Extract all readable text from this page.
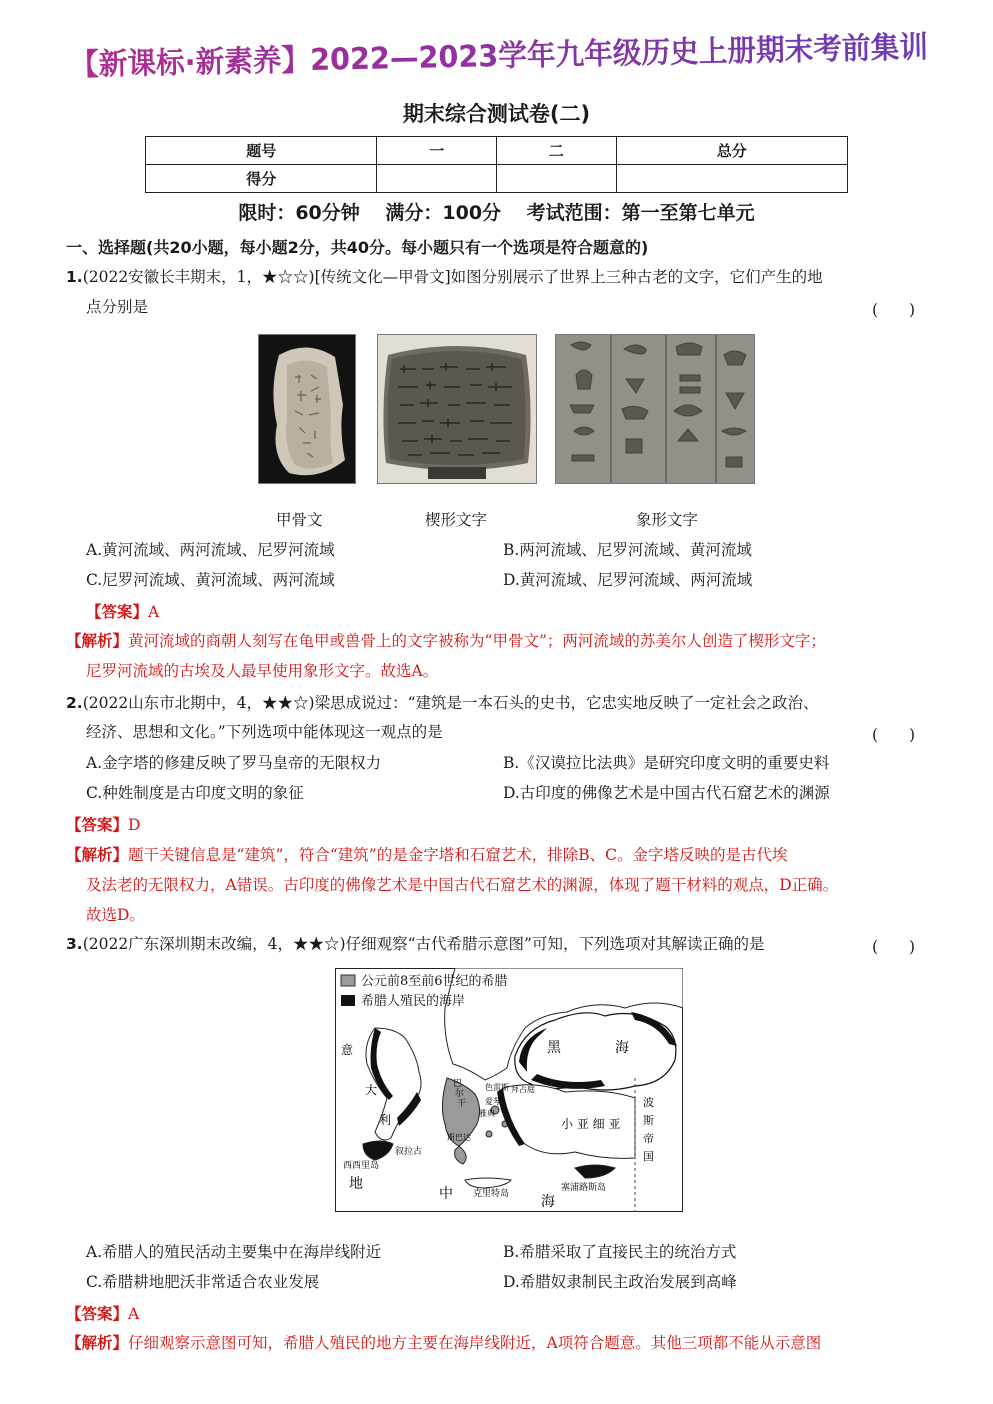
【新课标·新素养】2022—2023学年九年级历史上册期末考前集训
期末综合测试卷(二)
题号	一	二	总分
得分			
限时：60分钟　 满分：100分　 考试范围：第一至第七单元
一、选择题(共20小题，每小题2分，共40分。每小题只有一个选项是符合题意的)
1.(2022安徽长丰期末，1，★☆☆)[传统文化—甲骨文]如图分别展示了世界上三种古老的文字，它们产生的地
点分别是	(　　)
甲骨文	楔形文字	象形文字
A.黄河流域、两河流域、尼罗河流域	B.两河流域、尼罗河流域、黄河流域
C.尼罗河流域、黄河流域、两河流域	D.黄河流域、尼罗河流域、两河流域
【答案】A
【解析】黄河流域的商朝人刻写在龟甲或兽骨上的文字被称为“甲骨文”；两河流域的苏美尔人创造了楔形文字；
尼罗河流域的古埃及人最早使用象形文字。故选A。
2.(2022山东市北期中，4，★★☆)梁思成说过：“建筑是一本石头的史书，它忠实地反映了一定社会之政治、
经济、思想和文化。”下列选项中能体现这一观点的是	(　　)
A.金字塔的修建反映了罗马皇帝的无限权力	B.《汉谟拉比法典》是研究印度文明的重要史料
C.种姓制度是古印度文明的象征	D.古印度的佛像艺术是中国古代石窟艺术的渊源
【答案】D
【解析】题干关键信息是“建筑”，符合“建筑”的是金字塔和石窟艺术，排除B、C。金字塔反映的是古代埃
及法老的无限权力，A错误。古印度的佛像艺术是中国古代石窟艺术的渊源，体现了题干材料的观点，D正确。
故选D。
3.(2022广东深圳期末改编，4，★★☆)仔细观察“古代希腊示意图”可知，下列选项对其解读正确的是	(　　)
公元前8至前6世纪的希腊
希腊人殖民的海岸
黑	海
意
大
利	小 亚 细 亚
波
斯
帝
国
地
中	海
西西里岛
叙拉古
克里特岛
塞浦路斯岛
巴
尔
干
雅典
斯巴达
爱琴
拜占庭
色雷斯
A.希腊人的殖民活动主要集中在海岸线附近	B.希腊采取了直接民主的统治方式
C.希腊耕地肥沃非常适合农业发展	D.希腊奴隶制民主政治发展到高峰
【答案】A
【解析】仔细观察示意图可知，希腊人殖民的地方主要在海岸线附近，A项符合题意。其他三项都不能从示意图
